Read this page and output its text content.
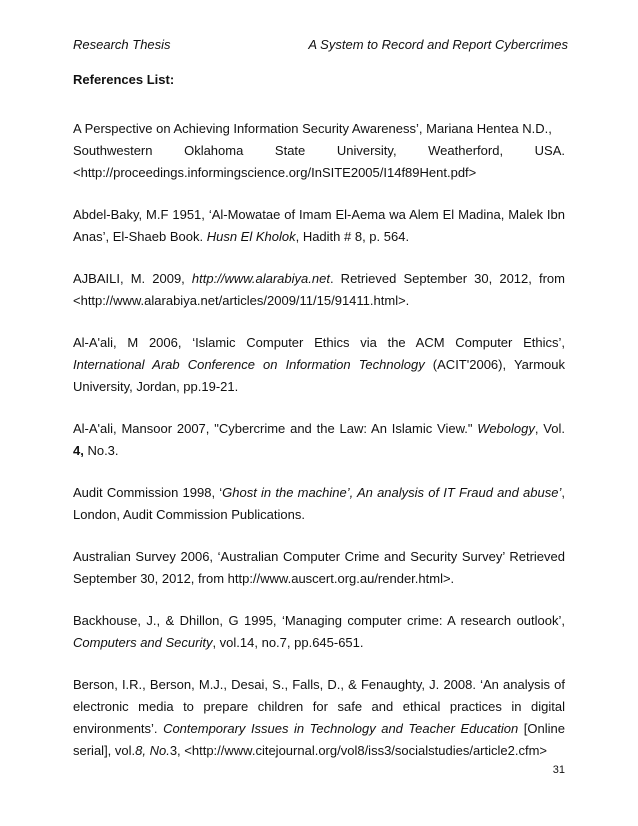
Research Thesis	A System to Record and Report Cybercrimes
References List:

A Perspective on Achieving Information Security Awareness’, Mariana Hentea N.D.,

Southwestern Oklahoma State University, Weatherford, USA.

<http://proceedings.informingscience.org/InSITE2005/I14f89Hent.pdf>

Abdel-Baky, M.F 1951, ‘Al-Mowatae of Imam El-Aema wa Alem El Madina, Malek Ibn Anas’, El-Shaeb Book. Husn El Kholok, Hadith # 8, p. 564.
AJBAILI, M. 2009, http://www.alarabiya.net. Retrieved September 30, 2012, from <http://www.alarabiya.net/articles/2009/11/15/91411.html>.
Al-A'ali, M 2006, ‘Islamic Computer Ethics via the ACM Computer Ethics’, International Arab Conference on Information Technology (ACIT'2006), Yarmouk University, Jordan, pp.19-21.
Al-A'ali, Mansoor 2007, "Cybercrime and the Law: An Islamic View." Webology, Vol. 4, No.3.
Audit Commission 1998, ‘Ghost in the machine’, An analysis of IT Fraud and abuse’, London, Audit Commission Publications.
Australian Survey 2006, ‘Australian Computer Crime and Security Survey’ Retrieved September 30, 2012, from http://www.auscert.org.au/render.html>.
Backhouse, J., & Dhillon, G 1995, ‘Managing computer crime: A research outlook’, Computers and Security, vol.14, no.7, pp.645-651.
Berson, I.R., Berson, M.J., Desai, S., Falls, D., & Fenaughty, J. 2008. ‘An analysis of electronic media to prepare children for safe and ethical practices in digital environments’. Contemporary Issues in Technology and Teacher Education [Online serial], vol.8, No.3, <http://www.citejournal.org/vol8/iss3/socialstudies/article2.cfm>
31
